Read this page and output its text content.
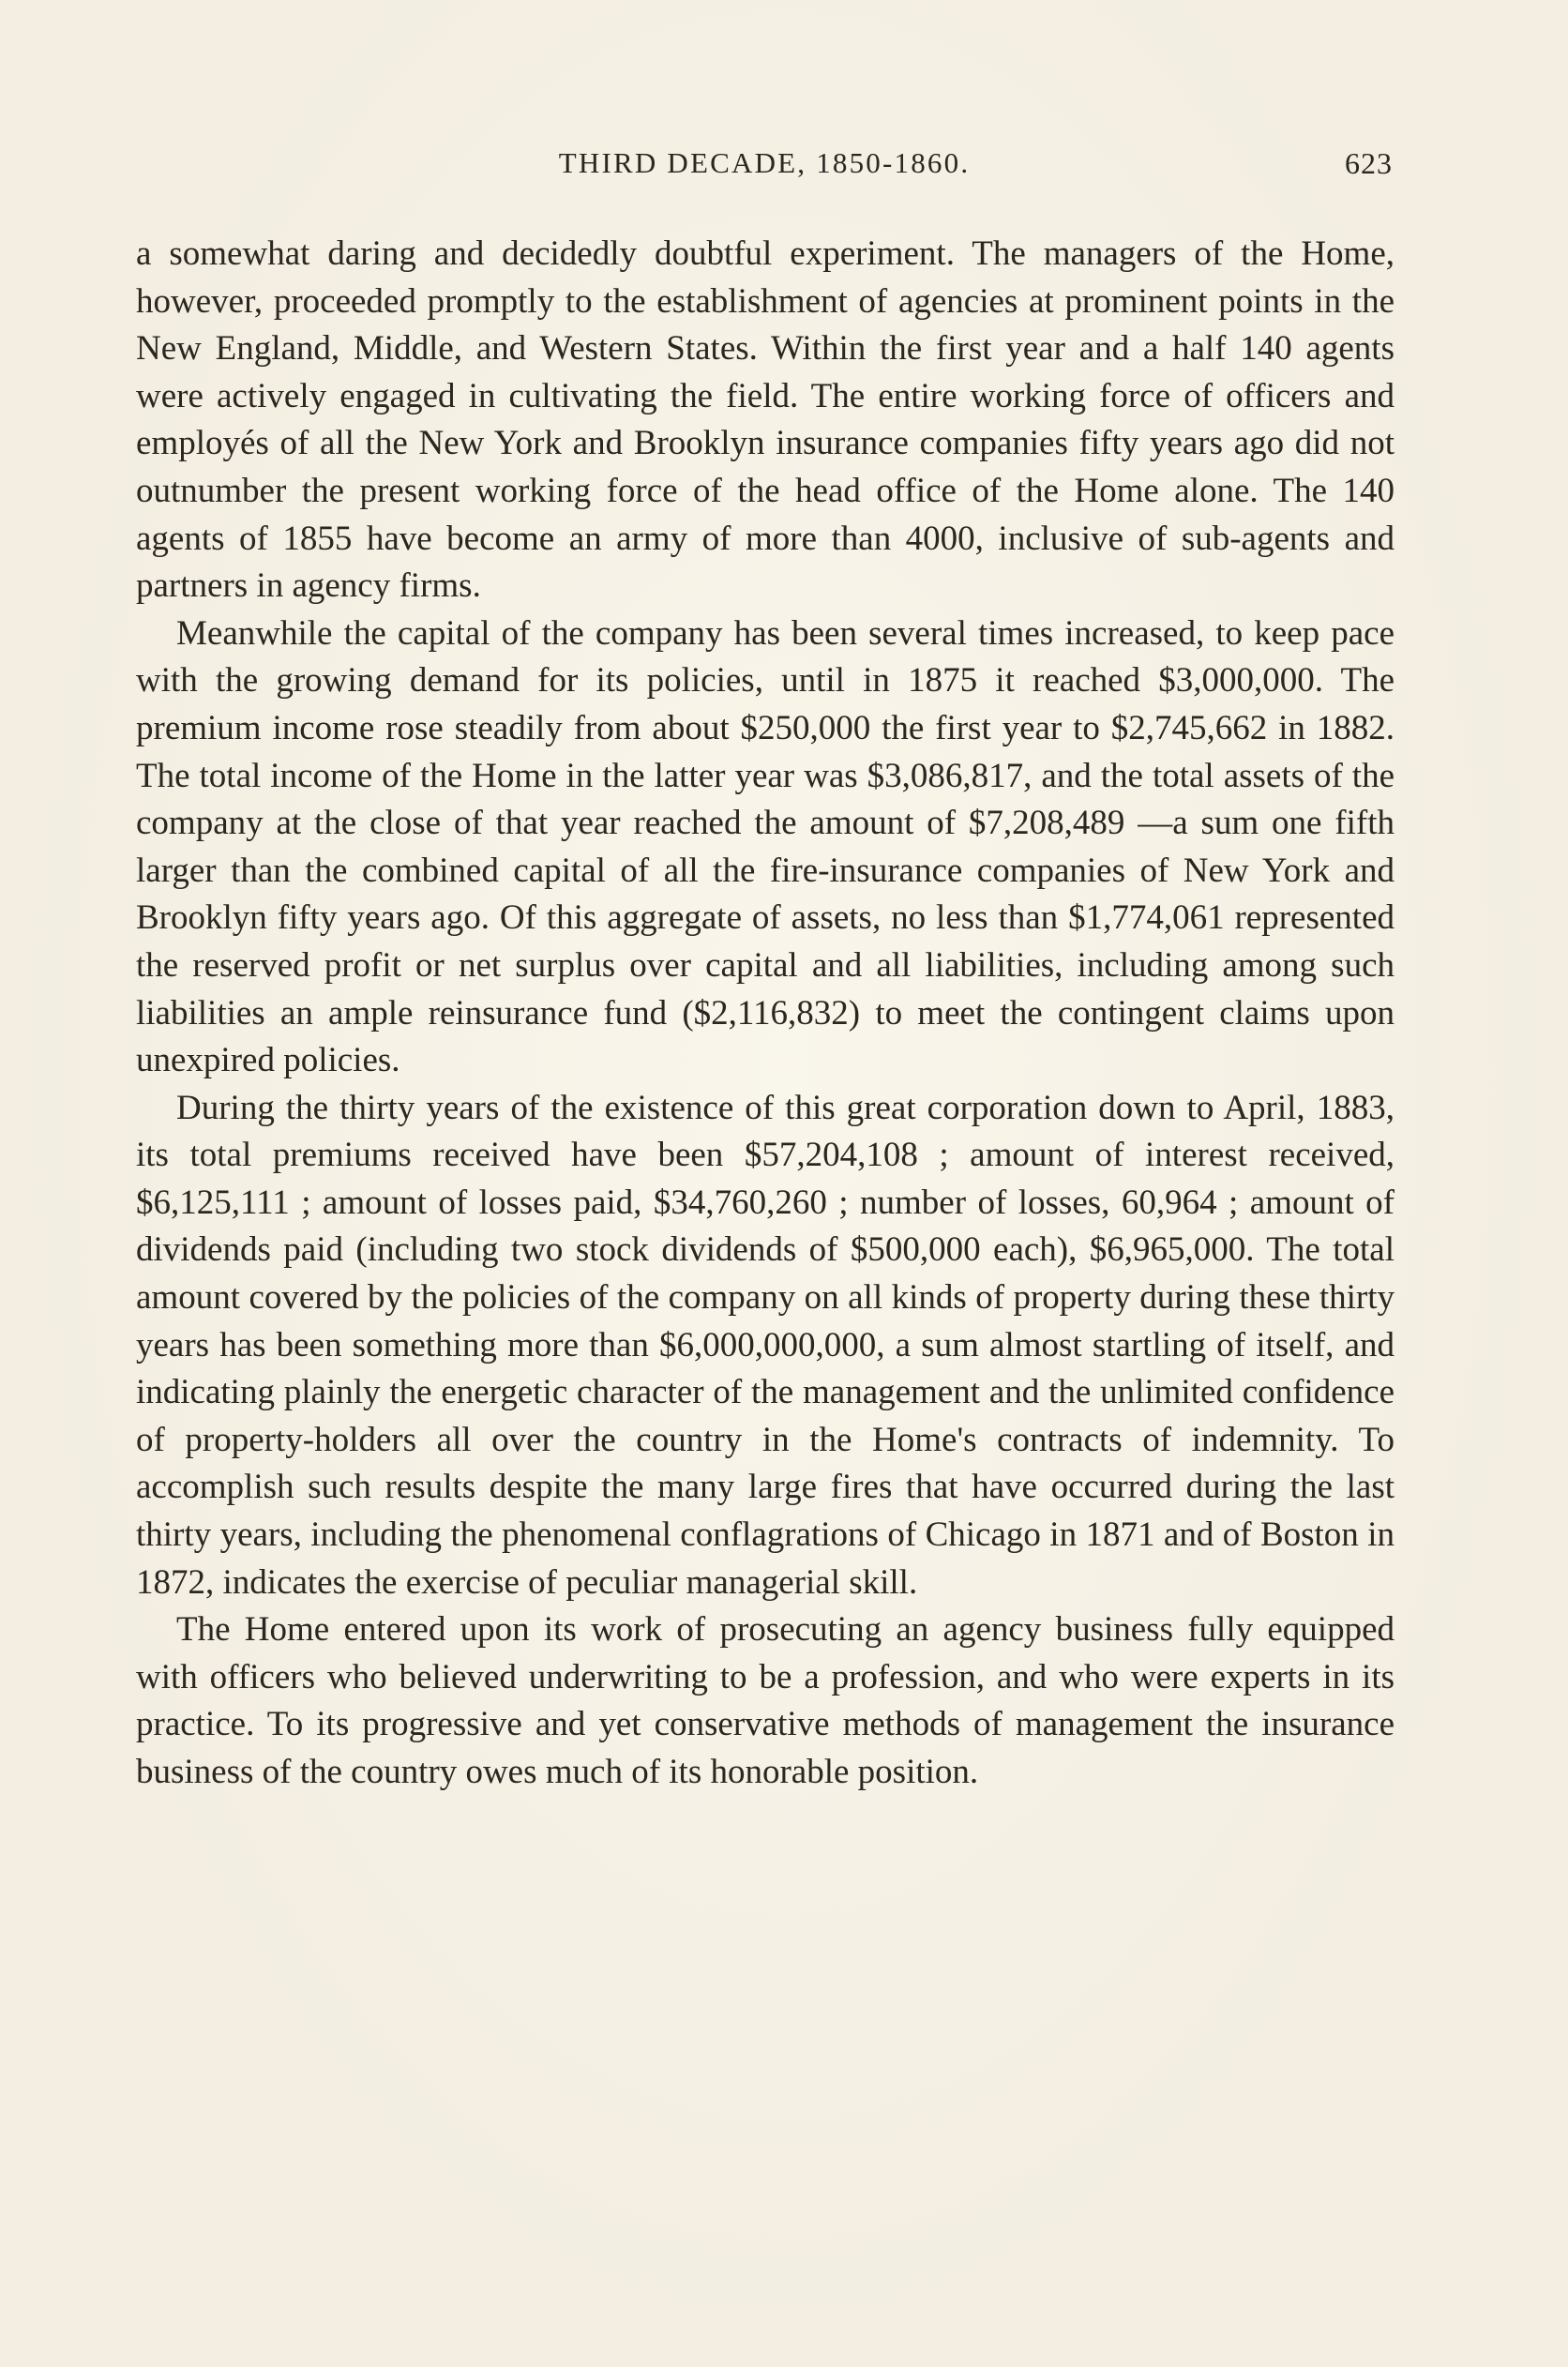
THIRD DECADE, 1850-1860.	623

a somewhat daring and decidedly doubtful experiment. The managers of the Home, however, proceeded promptly to the establishment of agencies at prominent points in the New England, Middle, and Western States. Within the first year and a half 140 agents were actively engaged in cultivating the field. The entire working force of officers and employés of all the New York and Brooklyn insurance companies fifty years ago did not outnumber the present working force of the head office of the Home alone. The 140 agents of 1855 have become an army of more than 4000, inclusive of sub-agents and partners in agency firms.

Meanwhile the capital of the company has been several times increased, to keep pace with the growing demand for its policies, until in 1875 it reached $3,000,000. The premium income rose steadily from about $250,000 the first year to $2,745,662 in 1882. The total income of the Home in the latter year was $3,086,817, and the total assets of the company at the close of that year reached the amount of $7,208,489 —a sum one fifth larger than the combined capital of all the fire-insurance companies of New York and Brooklyn fifty years ago. Of this aggregate of assets, no less than $1,774,061 represented the reserved profit or net surplus over capital and all liabilities, including among such liabilities an ample reinsurance fund ($2,116,832) to meet the contingent claims upon unexpired policies.

During the thirty years of the existence of this great corporation down to April, 1883, its total premiums received have been $57,204,108 ; amount of interest received, $6,125,111 ; amount of losses paid, $34,760,260 ; number of losses, 60,964 ; amount of dividends paid (including two stock dividends of $500,000 each), $6,965,000. The total amount covered by the policies of the company on all kinds of property during these thirty years has been something more than $6,000,000,000, a sum almost startling of itself, and indicating plainly the energetic character of the management and the unlimited confidence of property-holders all over the country in the Home's contracts of indemnity. To accomplish such results despite the many large fires that have occurred during the last thirty years, including the phenomenal conflagrations of Chicago in 1871 and of Boston in 1872, indicates the exercise of peculiar managerial skill.

The Home entered upon its work of prosecuting an agency business fully equipped with officers who believed underwriting to be a profession, and who were experts in its practice. To its progressive and yet conservative methods of management the insurance business of the country owes much of its honorable position.
